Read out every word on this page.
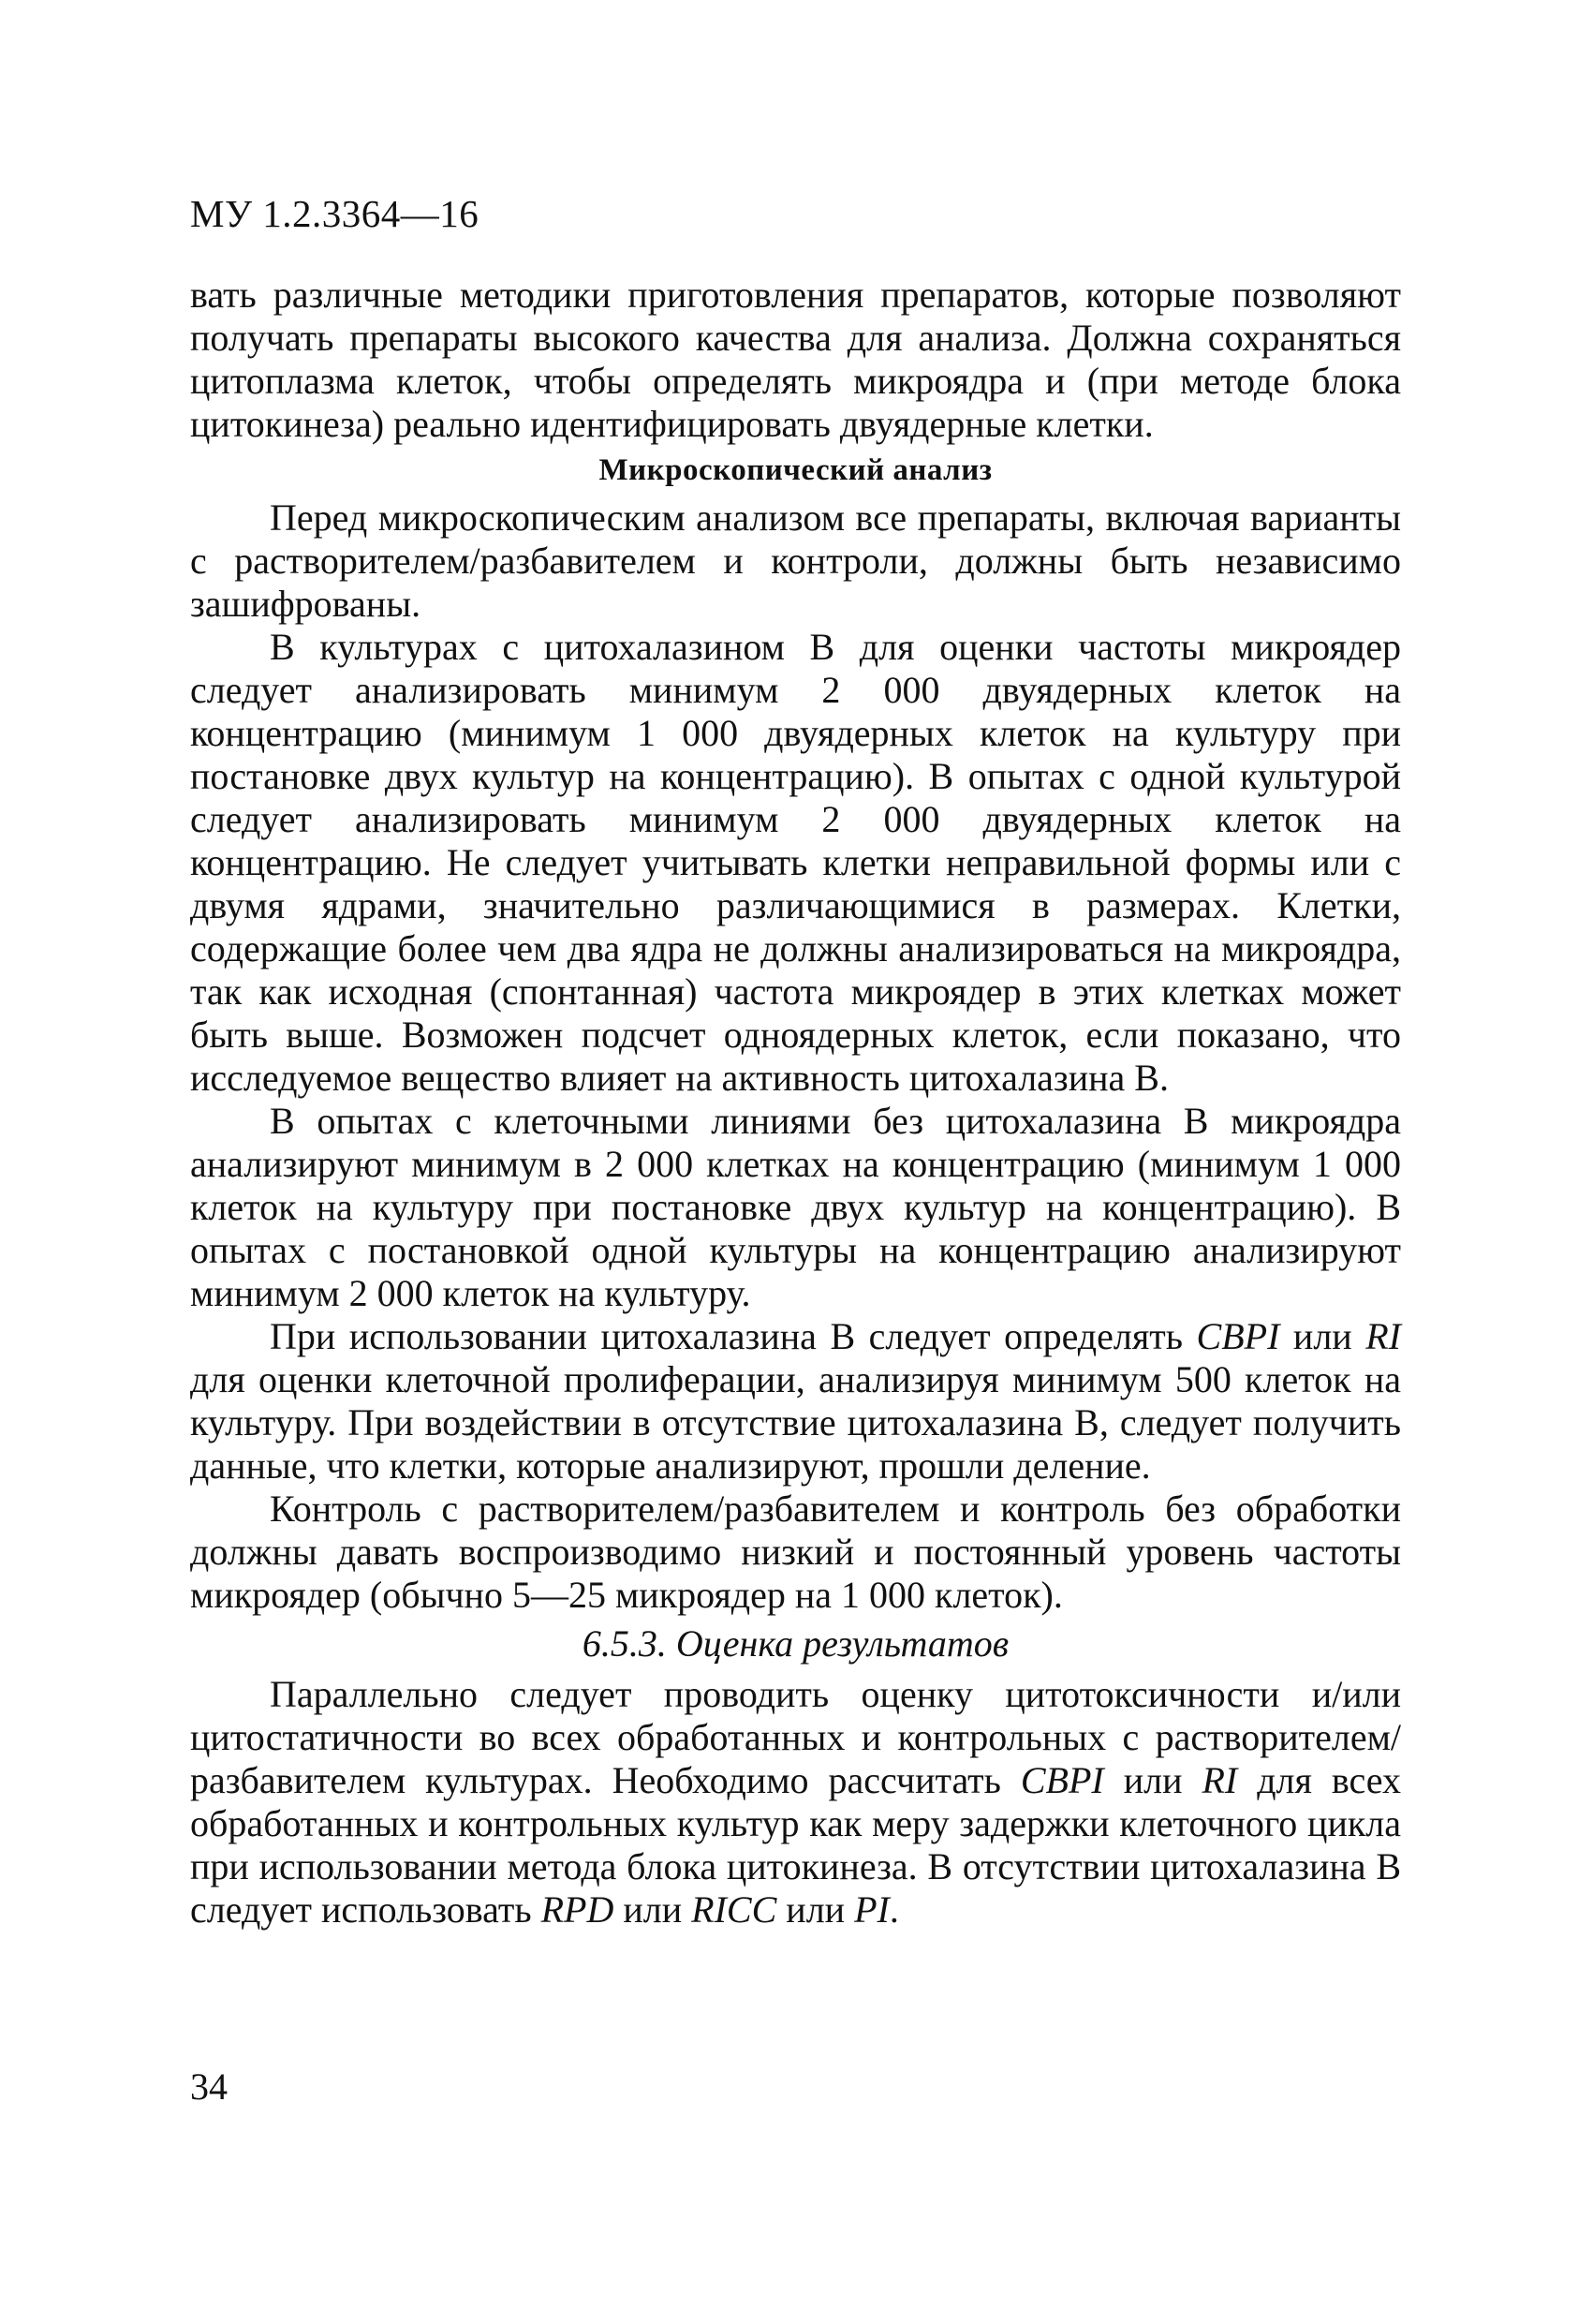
МУ 1.2.3364—16

вать различные методики приготовления препаратов, которые позволяют получать препараты высокого качества для анализа. Должна сохраняться цитоплазма клеток, чтобы определять микроядра и (при методе блока цитокинеза) реально идентифицировать двуядерные клетки.

Микроскопический анализ

Перед микроскопическим анализом все препараты, включая варианты с растворителем/разбавителем и контроли, должны быть независимо зашифрованы.

В культурах с цитохалазином В для оценки частоты микроядер следует анализировать минимум 2 000 двуядерных клеток на концентрацию (минимум 1 000 двуядерных клеток на культуру при постановке двух культур на концентрацию). В опытах с одной культурой следует анализировать минимум 2 000 двуядерных клеток на концентрацию. Не следует учитывать клетки неправильной формы или с двумя ядрами, значительно различающимися в размерах. Клетки, содержащие более чем два ядра не должны анализироваться на микроядра, так как исходная (спонтанная) частота микроядер в этих клетках может быть выше. Возможен подсчет одноядерных клеток, если показано, что исследуемое вещество влияет на активность цитохалазина В.

В опытах с клеточными линиями без цитохалазина В микроядра анализируют минимум в 2 000 клетках на концентрацию (минимум 1 000 клеток на культуру при постановке двух культур на концентрацию). В опытах с постановкой одной культуры на концентрацию анализируют минимум 2 000 клеток на культуру.

При использовании цитохалазина В следует определять CBPI или RI для оценки клеточной пролиферации, анализируя минимум 500 клеток на культуру. При воздействии в отсутствие цитохалазина В, следует получить данные, что клетки, которые анализируют, прошли деление.

Контроль с растворителем/разбавителем и контроль без обработки должны давать воспроизводимо низкий и постоянный уровень частоты микроядер (обычно 5—25 микроядер на 1 000 клеток).

6.5.3. Оценка результатов

Параллельно следует проводить оценку цитотоксичности и/или цитостатичности во всех обработанных и контрольных с растворителем/разбавителем культурах. Необходимо рассчитать CBPI или RI для всех обработанных и контрольных культур как меру задержки клеточного цикла при использовании метода блока цитокинеза. В отсутствии цитохалазина В следует использовать RPD или RICC или PI.

34
